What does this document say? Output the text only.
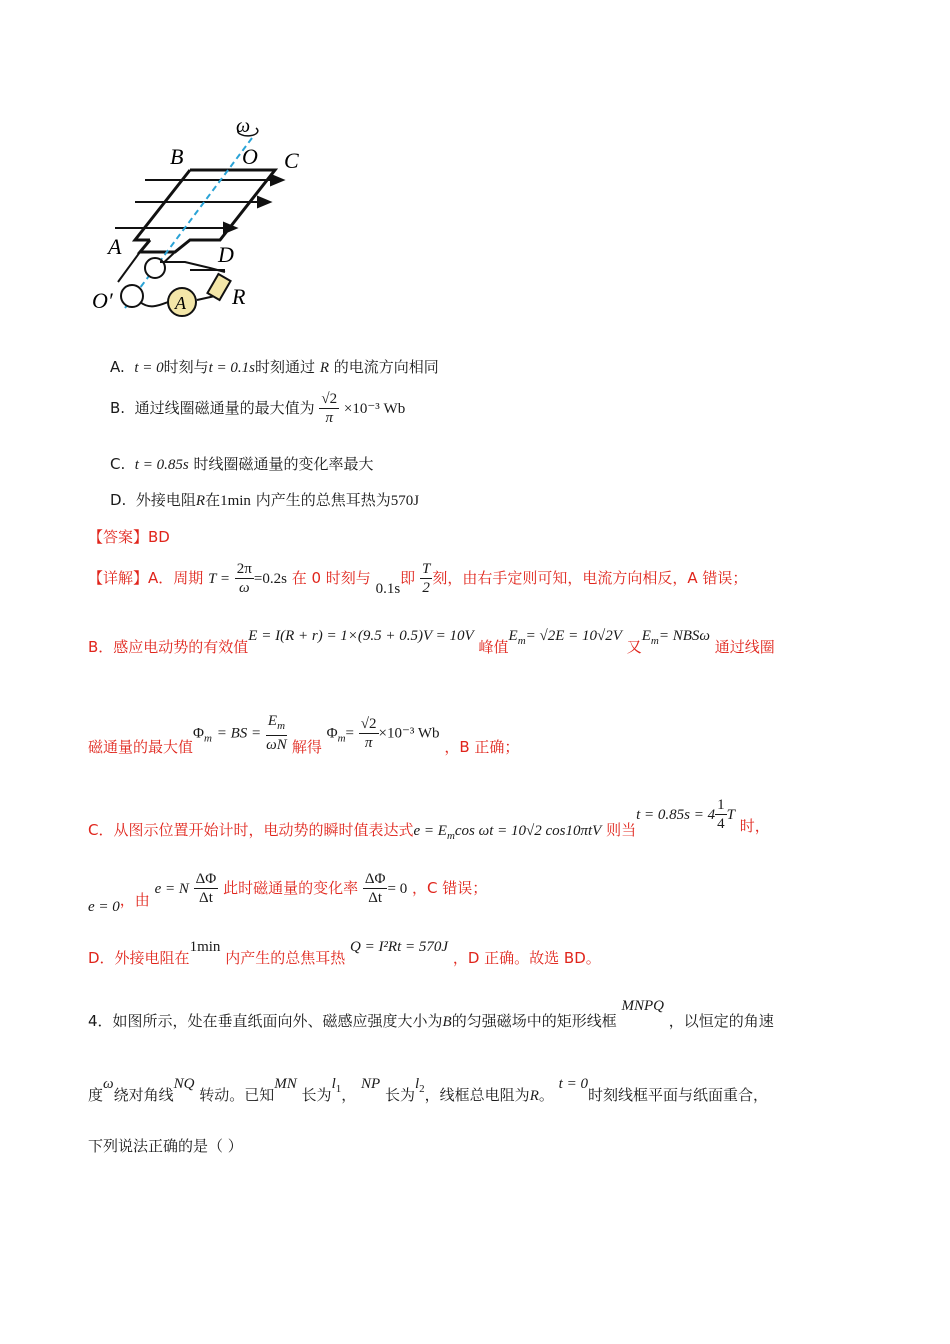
ω
B	O C
A	D
O′	A R
A. t = 0时刻与t = 0.1s时刻通过 R 的电流方向相同
B. 通过线圈磁通量的最大值为 $\frac{√2}{\pi} \times 10^{-3}$ Wb
C. t = 0.85s 时线圈磁通量的变化率最大
D. 外接电阻R在1min 内产生的总焦耳热为570J
【答案】BD
【详解】A．周期 $T = \frac{2\pi}{\omega} =0.2s$ 在 0 时刻与 0.1s即 $\frac{T}{2}$ 刻，由右手定则可知，电流方向相反，A 错误；
B．感应电动势的有效值E = I(R + r) = 1×(9.5 + 0.5)V = 10V 峰值$E_m= √2E = 10√2V$ 又$E_m= NBS\omega$ 通过线圈
磁通量的最大值$\Phi_m$ = BS = $\frac{E_m}{\omega N}$ 解得 $\Phi_m= \frac{√2}{\pi} \times 10^{-3}$ Wb ，B 正确；
C．从图示位置开始计时，电动势的瞬时值表达式$e = E_m\cos$ ωt = 10√2 cos10πtV 则当$t = 0.85s = 4 \frac{1}{4}$ T 时，
e = 0，由 e = N $\frac{\Delta\Phi}{\Delta t}$ 此时磁通量的变化率 $\frac{\Delta\Phi}{\Delta t} = 0$ ，C 错误；
D．外接电阻在1min 内产生的总焦耳热 Q = I²Rt = 570J ，D 正确。故选 BD。
4．如图所示，处在垂直纸面向外、磁感应强度大小为B的匀强磁场中的矩形线框 MNPQ ，以恒定的角速
度ω绕对角线NQ 转动。已知MN 长为$l_1$， NP 长为$l_2$，线框总电阻为R。 t = 0时刻线框平面与纸面重合，
下列说法正确的是（ ）
